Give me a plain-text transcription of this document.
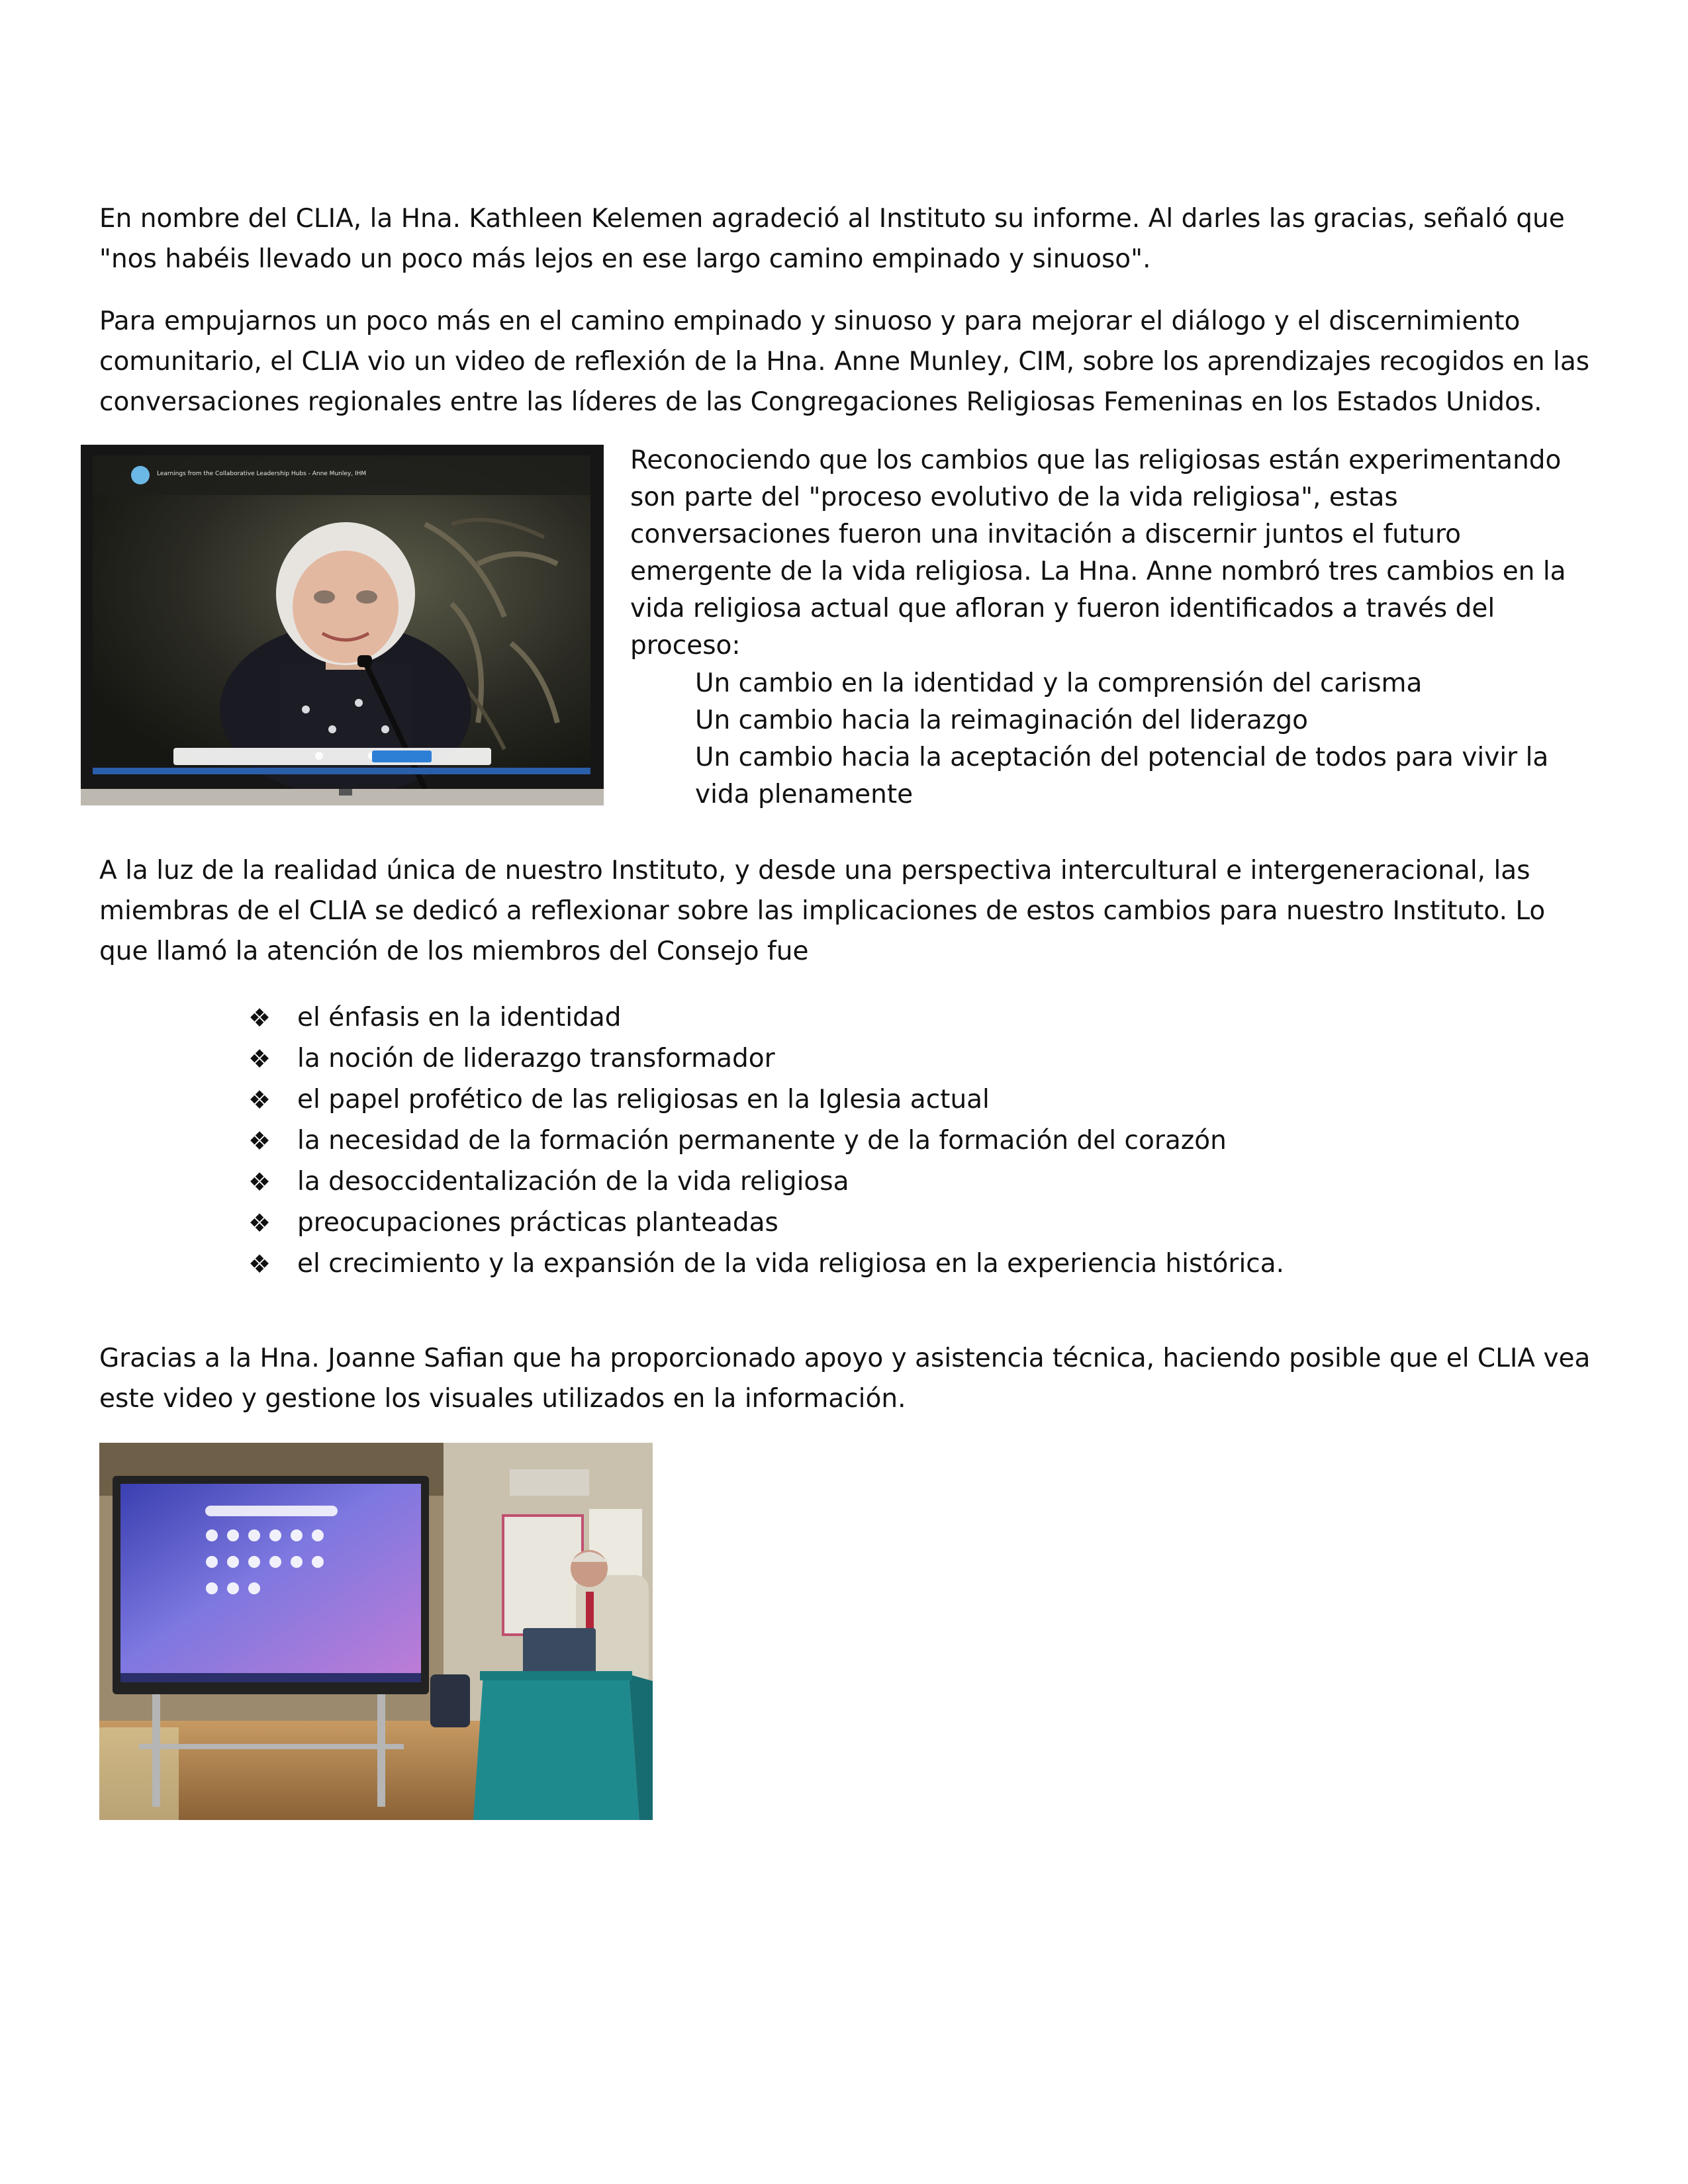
En nombre del CLIA, la Hna. Kathleen Kelemen agradeció al Instituto su informe. Al darles las gracias, señaló que "nos habéis llevado un poco más lejos en ese largo camino empinado y sinuoso".

Para empujarnos un poco más en el camino empinado y sinuoso y para mejorar el diálogo y el discernimiento comunitario, el CLIA vio un video de reflexión de la Hna. Anne Munley, CIM, sobre los aprendizajes recogidos en las conversaciones regionales entre las líderes de las Congregaciones Religiosas Femeninas en los Estados Unidos.

Learnings from the Collaborative Leadership Hubs - Anne Munley, IHM	Reconociendo que los cambios que las religiosas están experimentando son parte del "proceso evolutivo de la vida religiosa", estas conversaciones fueron una invitación a discernir juntos el futuro emergente de la vida religiosa. La Hna. Anne nombró tres cambios en la vida religiosa actual que afloran y fueron identificados a través del proceso:

Un cambio en la identidad y la comprensión del carisma
Un cambio hacia la reimaginación del liderazgo
Un cambio hacia la aceptación del potencial de todos para vivir la vida plenamente

A la luz de la realidad única de nuestro Instituto, y desde una perspectiva intercultural e intergeneracional, las miembras de el CLIA se dedicó a reflexionar sobre las implicaciones de estos cambios para nuestro Instituto. Lo que llamó la atención de los miembros del Consejo fue

❖ el énfasis en la identidad
❖ la noción de liderazgo transformador
❖ el papel profético de las religiosas en la Iglesia actual
❖ la necesidad de la formación permanente y de la formación del corazón
❖ la desoccidentalización de la vida religiosa
❖ preocupaciones prácticas planteadas
❖ el crecimiento y la expansión de la vida religiosa en la experiencia histórica.

Gracias a la Hna. Joanne Safian que ha proporcionado apoyo y asistencia técnica, haciendo posible que el CLIA vea este video y gestione los visuales utilizados en la información.
